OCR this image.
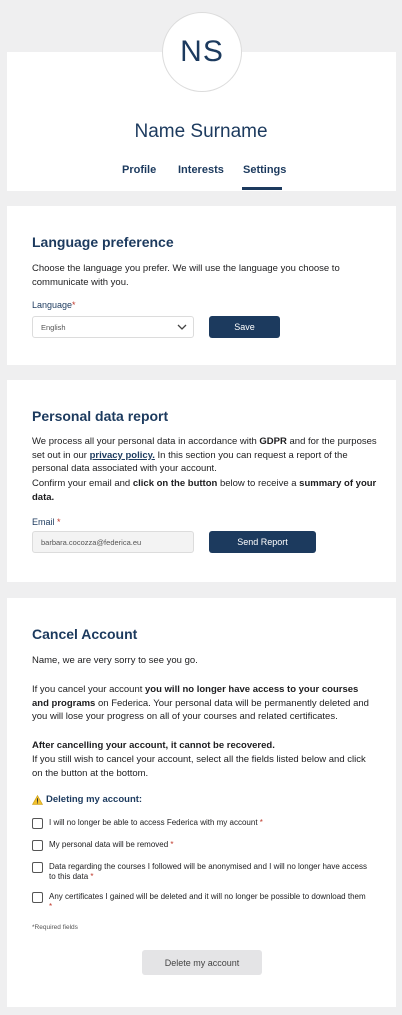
NS
Name Surname
Profile Interests Settings
Language preference
Choose the language you prefer. We will use the language you choose to communicate with you.
Language*
English	Save
Personal data report
We process all your personal data in accordance with GDPR and for the purposes set out in our privacy policy. In this section you can request a report of the personal data associated with your account.
Confirm your email and click on the button below to receive a summary of your data.
Email *
barbara.cocozza@federica.eu	Send Report
Cancel Account
Name, we are very sorry to see you go.
If you cancel your account you will no longer have access to your courses and programs on Federica. Your personal data will be permanently deleted and you will lose your progress on all of your courses and related certificates.
After cancelling your account, it cannot be recovered.
If you still wish to cancel your account, select all the fields listed below and click on the button at the bottom.
Deleting my account:
I will no longer be able to access Federica with my account *
My personal data will be removed *
Data regarding the courses I followed will be anonymised and I will no longer have access to this data *
Any certificates I gained will be deleted and it will no longer be possible to download them *
*Required fields
Delete my account
